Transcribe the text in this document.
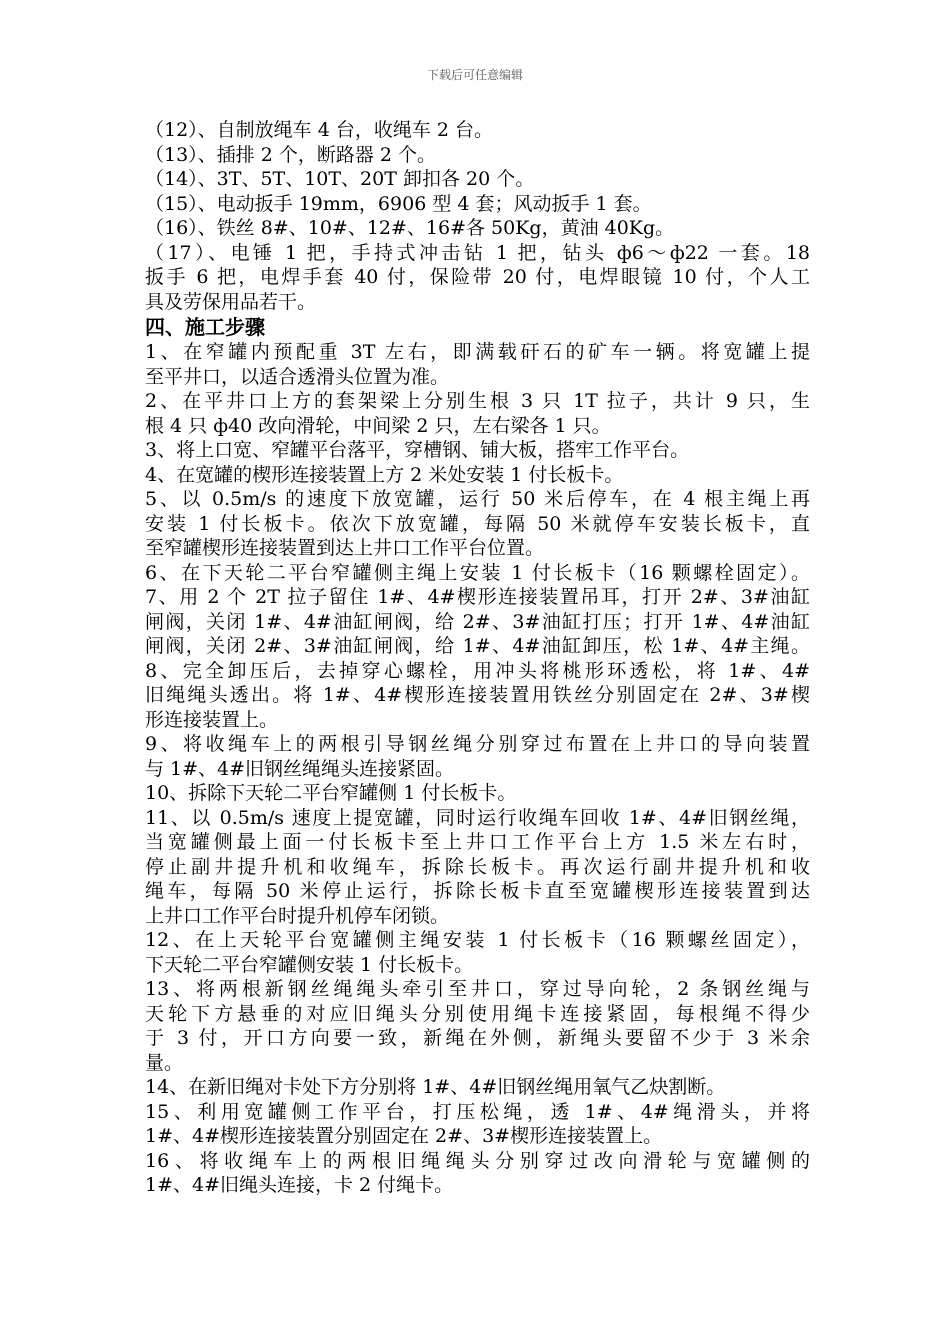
下载后可任意编辑
（12）、自制放绳车 4 台，收绳车 2 台。
（13）、插排 2 个，断路器 2 个。
（14）、3T、5T、10T、20T 卸扣各 20 个。
（15）、电动扳手 19mm，6906 型 4 套；风动扳手 1 套。
（16）、铁丝 8#、10#、12#、16#各 50Kg，黄油 40Kg。
（17）、电锤 1 把，手持式冲击钻 1 把，钻头 ф6～ф22 一套。18
扳手 6 把，电焊手套 40 付，保险带 20 付，电焊眼镜 10 付，个人工
具及劳保用品若干。
四、施工步骤
1、在窄罐内预配重 3T 左右，即满载矸石的矿车一辆。将宽罐上提
至平井口，以适合透滑头位置为准。
2、在平井口上方的套架梁上分别生根 3 只 1T 拉子，共计 9 只，生
根 4 只 ф40 改向滑轮，中间梁 2 只，左右梁各 1 只。
3、将上口宽、窄罐平台落平，穿槽钢、铺大板，搭牢工作平台。
4、在宽罐的楔形连接装置上方 2 米处安装 1 付长板卡。
5、以 0.5m/s 的速度下放宽罐，运行 50 米后停车，在 4 根主绳上再
安装 1 付长板卡。依次下放宽罐，每隔 50 米就停车安装长板卡，直
至窄罐楔形连接装置到达上井口工作平台位置。
6、在下天轮二平台窄罐侧主绳上安装 1 付长板卡（16 颗螺栓固定）。
7、用 2 个 2T 拉子留住 1#、4#楔形连接装置吊耳，打开 2#、3#油缸
闸阀，关闭 1#、4#油缸闸阀，给 2#、3#油缸打压；打开 1#、4#油缸
闸阀，关闭 2#、3#油缸闸阀，给 1#、4#油缸卸压，松 1#、4#主绳。
8、完全卸压后，去掉穿心螺栓，用冲头将桃形环透松，将 1#、4#
旧绳绳头透出。将 1#、4#楔形连接装置用铁丝分别固定在 2#、3#楔
形连接装置上。
9、将收绳车上的两根引导钢丝绳分别穿过布置在上井口的导向装置
与 1#、4#旧钢丝绳绳头连接紧固。
10、拆除下天轮二平台窄罐侧 1 付长板卡。
11、以 0.5m/s 速度上提宽罐，同时运行收绳车回收 1#、4#旧钢丝绳，
当宽罐侧最上面一付长板卡至上井口工作平台上方 1.5 米左右时，
停止副井提升机和收绳车，拆除长板卡。再次运行副井提升机和收
绳车，每隔 50 米停止运行，拆除长板卡直至宽罐楔形连接装置到达
上井口工作平台时提升机停车闭锁。
12、在上天轮平台宽罐侧主绳安装 1 付长板卡（16 颗螺丝固定），
下天轮二平台窄罐侧安装 1 付长板卡。
13、将两根新钢丝绳绳头牵引至井口，穿过导向轮，2 条钢丝绳与
天轮下方悬垂的对应旧绳头分别使用绳卡连接紧固，每根绳不得少
于 3 付，开口方向要一致，新绳在外侧，新绳头要留不少于 3 米余
量。
14、在新旧绳对卡处下方分别将 1#、4#旧钢丝绳用氧气乙炔割断。
15、利用宽罐侧工作平台，打压松绳，透 1#、4#绳滑头，并将
1#、4#楔形连接装置分别固定在 2#、3#楔形连接装置上。
16、将收绳车上的两根旧绳绳头分别穿过改向滑轮与宽罐侧的
1#、4#旧绳头连接，卡 2 付绳卡。
